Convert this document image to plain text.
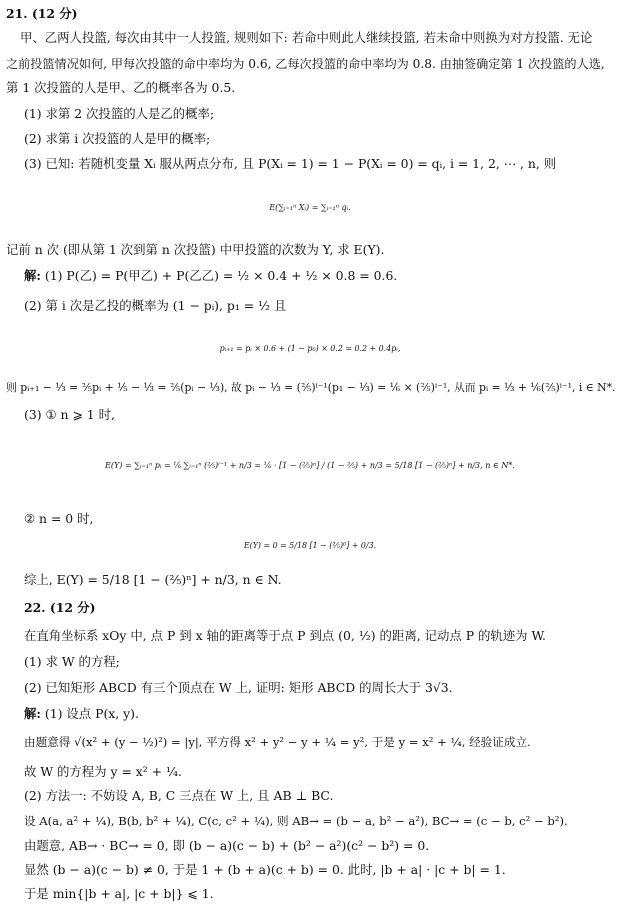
21. (12 分)
甲、乙两人投篮, 每次由其中一人投篮, 规则如下: 若命中则此人继续投篮, 若未命中则换为对方投篮. 无论
之前投篮情况如何, 甲每次投篮的命中率均为 0.6, 乙每次投篮的命中率均为 0.8. 由抽签确定第 1 次投篮的人选,
第 1 次投篮的人是甲、乙的概率各为 0.5.
(1) 求第 2 次投篮的人是乙的概率;
(2) 求第 i 次投篮的人是甲的概率;
(3) 已知: 若随机变量 Xᵢ 服从两点分布, 且 P(Xᵢ = 1) = 1 − P(Xᵢ = 0) = qᵢ, i = 1, 2, ⋯ , n, 则
E(∑ᵢ₌₁ⁿ Xᵢ) = ∑ᵢ₌₁ⁿ qᵢ.
记前 n 次 (即从第 1 次到第 n 次投篮) 中甲投篮的次数为 Y, 求 E(Y).
解: (1) P(乙) = P(甲乙) + P(乙乙) = ½ × 0.4 + ½ × 0.8 = 0.6.
(2) 第 i 次是乙投的概率为 (1 − pᵢ), p₁ = ½ 且
pᵢ₊₁ = pᵢ × 0.6 + (1 − p₀) × 0.2 = 0.2 + 0.4pᵢ,
则 pᵢ₊₁ − ⅓ = ⅖pᵢ + ⅕ − ⅓ = ⅖(pᵢ − ⅓), 故 pᵢ − ⅓ = (⅖)ⁱ⁻¹(p₁ − ⅓) = ⅙ × (⅖)ⁱ⁻¹, 从而 pᵢ = ⅓ + ⅙(⅖)ⁱ⁻¹, i ∈ N*.
(3) ① n ⩾ 1 时,
E(Y) = ∑ᵢ₌₁ⁿ pᵢ = ⅙ ∑ᵢ₌₁ⁿ (⅖)ⁱ⁻¹ + n/3 = ⅙ · [1 − (⅖)ⁿ] / (1 − ⅖) + n/3 = 5/18 [1 − (⅖)ⁿ] + n/3, n ∈ N*.
② n = 0 时,
E(Y) = 0 = 5/18 [1 − (⅖)⁰] + 0/3.
综上, E(Y) = 5/18 [1 − (⅖)ⁿ] + n/3, n ∈ N.
22. (12 分)
在直角坐标系 xOy 中, 点 P 到 x 轴的距离等于点 P 到点 (0, ½) 的距离, 记动点 P 的轨迹为 W.
(1) 求 W 的方程;
(2) 已知矩形 ABCD 有三个顶点在 W 上, 证明: 矩形 ABCD 的周长大于 3√3.
解: (1) 设点 P(x, y).
由题意得 √(x² + (y − ½)²) = |y|, 平方得 x² + y² − y + ¼ = y², 于是 y = x² + ¼, 经验证成立.
故 W 的方程为 y = x² + ¼.
(2) 方法一: 不妨设 A, B, C 三点在 W 上, 且 AB ⊥ BC.
设 A(a, a² + ¼), B(b, b² + ¼), C(c, c² + ¼), 则 AB→ = (b − a, b² − a²), BC→ = (c − b, c² − b²).
由题意, AB→ · BC→ = 0, 即 (b − a)(c − b) + (b² − a²)(c² − b²) = 0.
显然 (b − a)(c − b) ≠ 0, 于是 1 + (b + a)(c + b) = 0. 此时, |b + a| · |c + b| = 1.
于是 min{|b + a|, |c + b|} ⩽ 1.
